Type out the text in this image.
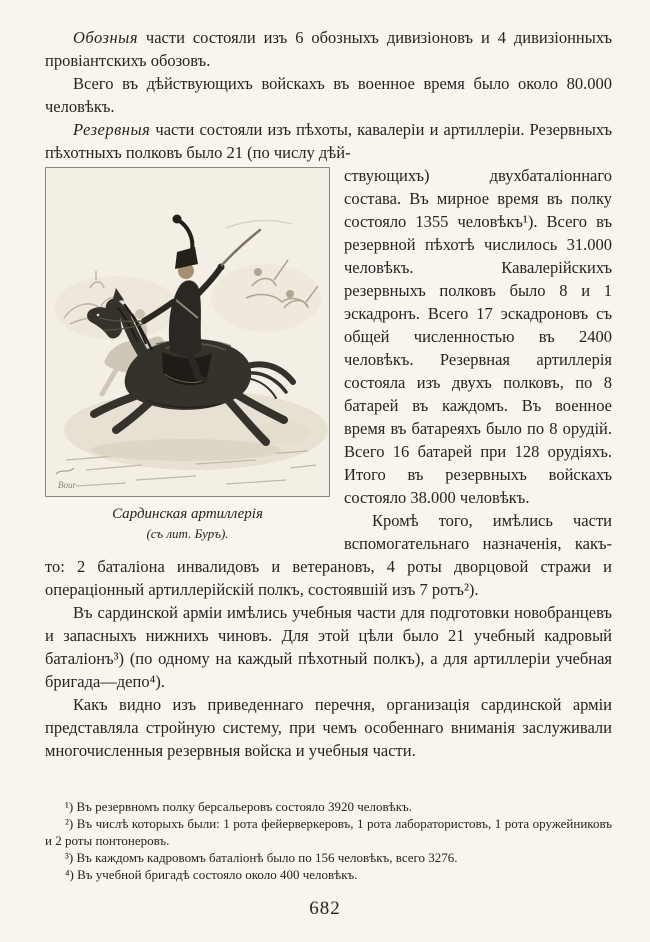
Обозныя части состояли изъ 6 обозныхъ дивизіоновъ и 4 дивизіонныхъ провіантскихъ обозовъ.

Всего въ дѣйствующихъ войскахъ въ военное время было около 80.000 человѣкъ.

Резервныя части состояли изъ пѣхоты, кавалеріи и артиллеріи. Резервныхъ пѣхотныхъ полковъ было 21 (по числу дѣй-

Bour
Сардинская артиллерія
(съ лит. Буръ).

ствующихъ) двухбаталіоннаго состава. Въ мирное время въ полку состояло 1355 человѣкъ¹). Всего въ резервной пѣхотѣ числилось 31.000 человѣкъ. Кавалерійскихъ резервныхъ полковъ было 8 и 1 эскадронъ. Всего 17 эскадроновъ съ общей численностью въ 2400 человѣкъ. Резервная артиллерія состояла изъ двухъ полковъ, по 8 батарей въ каждомъ. Въ военное время въ батареяхъ было по 8 орудій. Всего 16 батарей при 128 орудіяхъ. Итого въ резервныхъ войскахъ состояло 38.000 человѣкъ.

Кромѣ того, имѣлись части вспомогательнаго назначенія, какъ-то: 2 баталіона инвалидовъ и ветерановъ, 4 роты дворцовой стражи и операціонный артиллерійскій полкъ, состоявшій изъ 7 ротъ²).

Въ сардинской арміи имѣлись учебныя части для подготовки новобранцевъ и запасныхъ нижнихъ чиновъ. Для этой цѣли было 21 учебный кадровый баталіонъ³) (по одному на каждый пѣхотный полкъ), а для артиллеріи учебная бригада—депо⁴).

Какъ видно изъ приведеннаго перечня, организація сардинской арміи представляла стройную систему, при чемъ особеннаго вниманія заслуживали многочисленныя резервныя войска и учебныя части.

¹) Въ резервномъ полку берсальеровъ состояло 3920 человѣкъ.

²) Въ числѣ которыхъ были: 1 рота фейерверкеровъ, 1 рота лаборатористовъ, 1 рота оружейниковъ и 2 роты понтонеровъ.

³) Въ каждомъ кадровомъ баталіонѣ было по 156 человѣкъ, всего 3276.

⁴) Въ учебной бригадѣ состояло около 400 человѣкъ.

682
